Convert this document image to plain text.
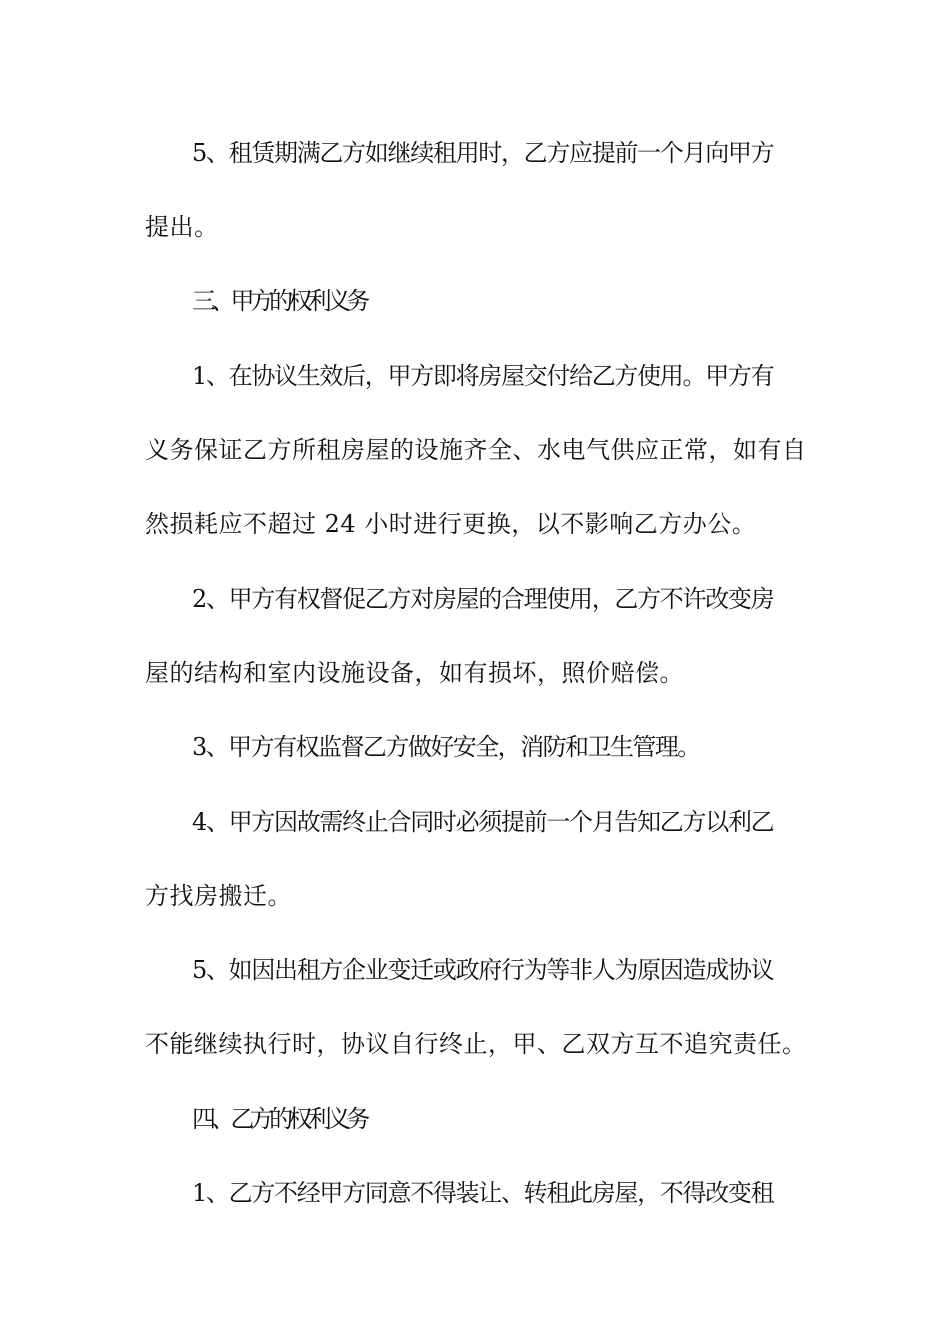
5、租赁期满乙方如继续租用时，乙方应提前一个月向甲方
提出。
三、甲方的权利义务
1、在协议生效后，甲方即将房屋交付给乙方使用。甲方有
义务保证乙方所租房屋的设施齐全、水电气供应正常，如有自
然损耗应不超过 24 小时进行更换，以不影响乙方办公。
2、甲方有权督促乙方对房屋的合理使用，乙方不许改变房
屋的结构和室内设施设备，如有损坏，照价赔偿。
3、甲方有权监督乙方做好安全，消防和卫生管理。
4、甲方因故需终止合同时必须提前一个月告知乙方以利乙
方找房搬迁。
5、如因出租方企业变迁或政府行为等非人为原因造成协议
不能继续执行时，协议自行终止，甲、乙双方互不追究责任。
四、乙方的权利义务
1、乙方不经甲方同意不得装让、转租此房屋，不得改变租
